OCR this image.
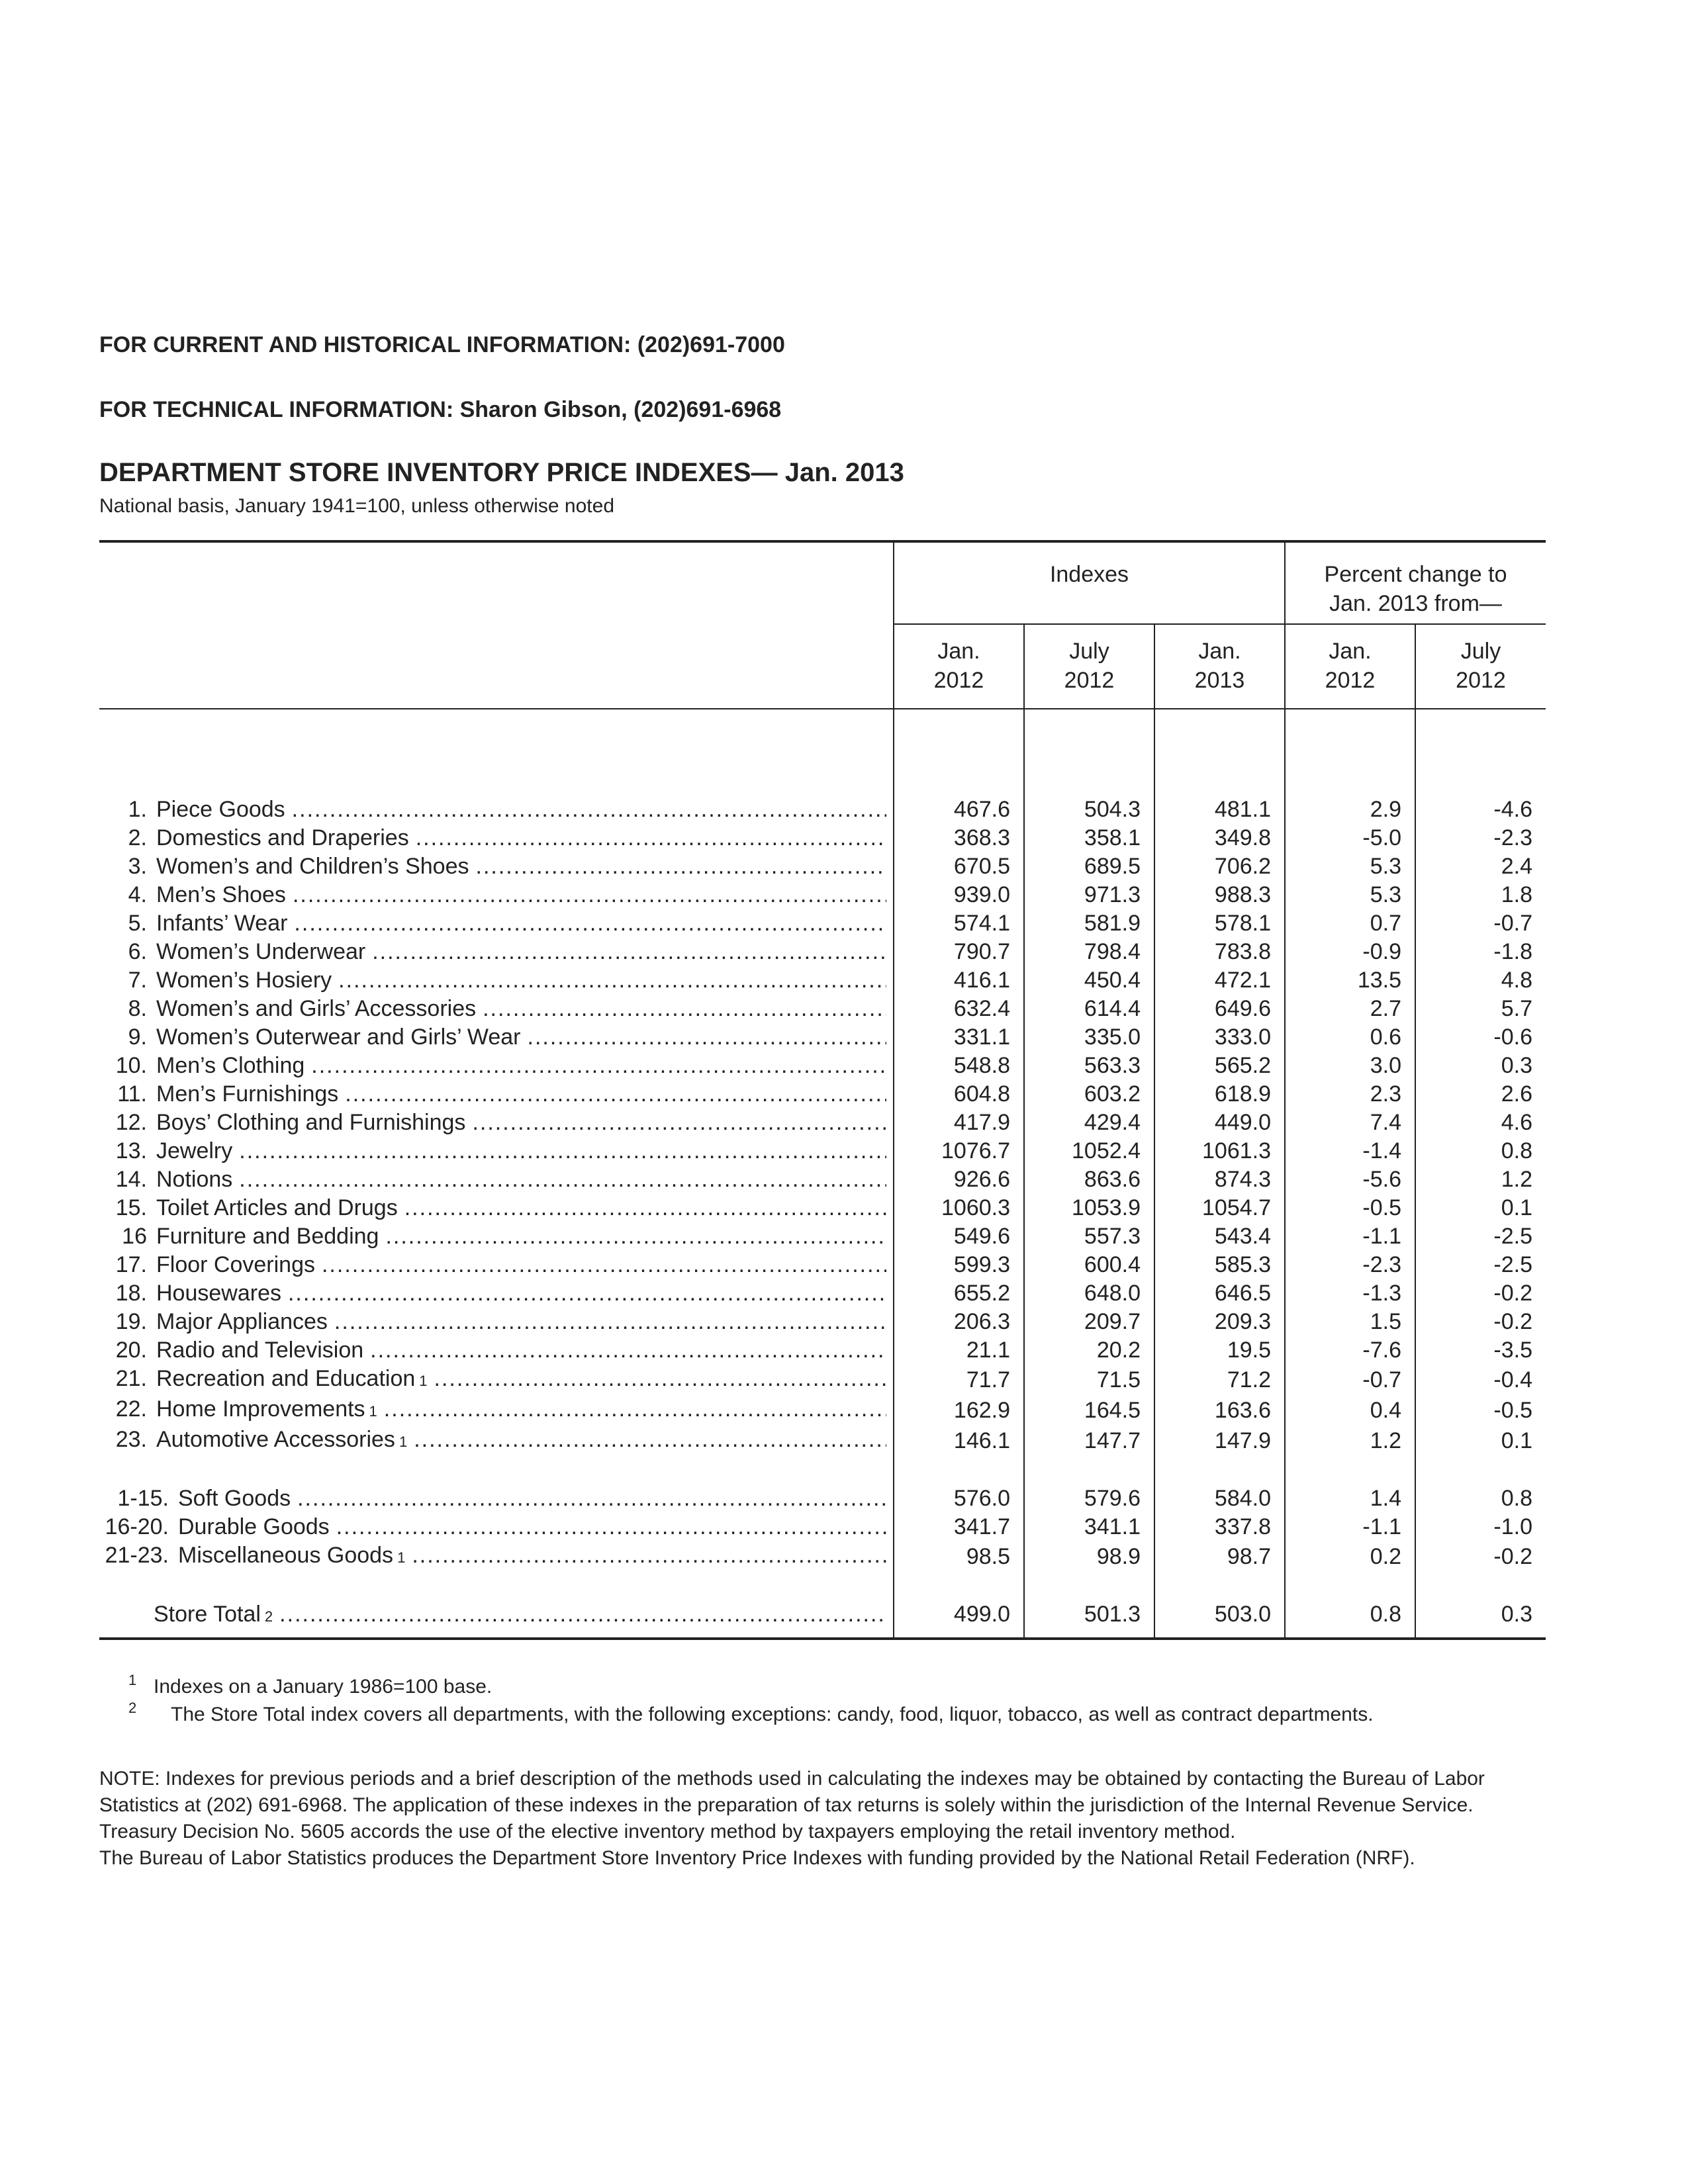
FOR CURRENT AND HISTORICAL INFORMATION: (202)691-7000

FOR TECHNICAL INFORMATION: Sharon Gibson, (202)691-6968

DEPARTMENT STORE INVENTORY PRICE INDEXES— Jan. 2013
National basis, January 1941=100, unless otherwise noted
	Indexes			Percent change to
Jan. 2013 from—	
	Jan.
2012	July
2012	Jan.
2013	Jan.
2012	July
2012

1. Piece Goods
.....	467.6	504.3	481.1	2.9	-4.6

2. Domestics and Draperies
.....	368.3	358.1	349.8	-5.0	-2.3

3. Women’s and Children’s Shoes
.....	670.5	689.5	706.2	5.3	2.4

4. Men’s Shoes
.....	939.0	971.3	988.3	5.3	1.8

5. Infants’ Wear
.....	574.1	581.9	578.1	0.7	-0.7

6. Women’s Underwear
.....	790.7	798.4	783.8	-0.9	-1.8

7. Women’s Hosiery
.....	416.1	450.4	472.1	13.5	4.8

8. Women’s and Girls’ Accessories
.....	632.4	614.4	649.6	2.7	5.7

9. Women’s Outerwear and Girls’ Wear
.....	331.1	335.0	333.0	0.6	-0.6

10. Men’s Clothing
.....	548.8	563.3	565.2	3.0	0.3

11. Men’s Furnishings
.....	604.8	603.2	618.9	2.3	2.6

12. Boys’ Clothing and Furnishings
.....	417.9	429.4	449.0	7.4	4.6

13. Jewelry
.....	1076.7	1052.4	1061.3	-1.4	0.8

14. Notions
.....	926.6	863.6	874.3	-5.6	1.2

15. Toilet Articles and Drugs
.....	1060.3	1053.9	1054.7	-0.5	0.1

16 Furniture and Bedding
.....	549.6	557.3	543.4	-1.1	-2.5

17. Floor Coverings
.....	599.3	600.4	585.3	-2.3	-2.5

18. Housewares
.....	655.2	648.0	646.5	-1.3	-0.2

19. Major Appliances
.....	206.3	209.7	209.3	1.5	-0.2

20. Radio and Television
.....	21.1	20.2	19.5	-7.6	-3.5

21. Recreation and Education 1
.....	71.7	71.5	71.2	-0.7	-0.4

22. Home Improvements 1
.....	162.9	164.5	163.6	0.4	-0.5

23. Automotive Accessories 1
.....	146.1	147.7	147.9	1.2	0.1

1-15. Soft Goods
.....	576.0	579.6	584.0	1.4	0.8

16-20. Durable Goods
.....	341.7	341.1	337.8	-1.1	-1.0

21-23. Miscellaneous Goods 1
.....	98.5	98.9	98.7	0.2	-0.2

Store Total 2
.....	499.0	501.3	503.0	0.8	0.3
1 Indexes on a January 1986=100 base.
2 The Store Total index covers all departments, with the following exceptions: candy, food, liquor, tobacco, as well as contract departments.

NOTE: Indexes for previous periods and a brief description of the methods used in calculating the indexes may be obtained by contacting the Bureau of Labor Statistics at (202) 691-6968. The application of these indexes in the preparation of tax returns is solely within the jurisdiction of the Internal Revenue Service. Treasury Decision No. 5605 accords the use of the elective inventory method by taxpayers employing the retail inventory method.

The Bureau of Labor Statistics produces the Department Store Inventory Price Indexes with funding provided by the National Retail Federation (NRF).
